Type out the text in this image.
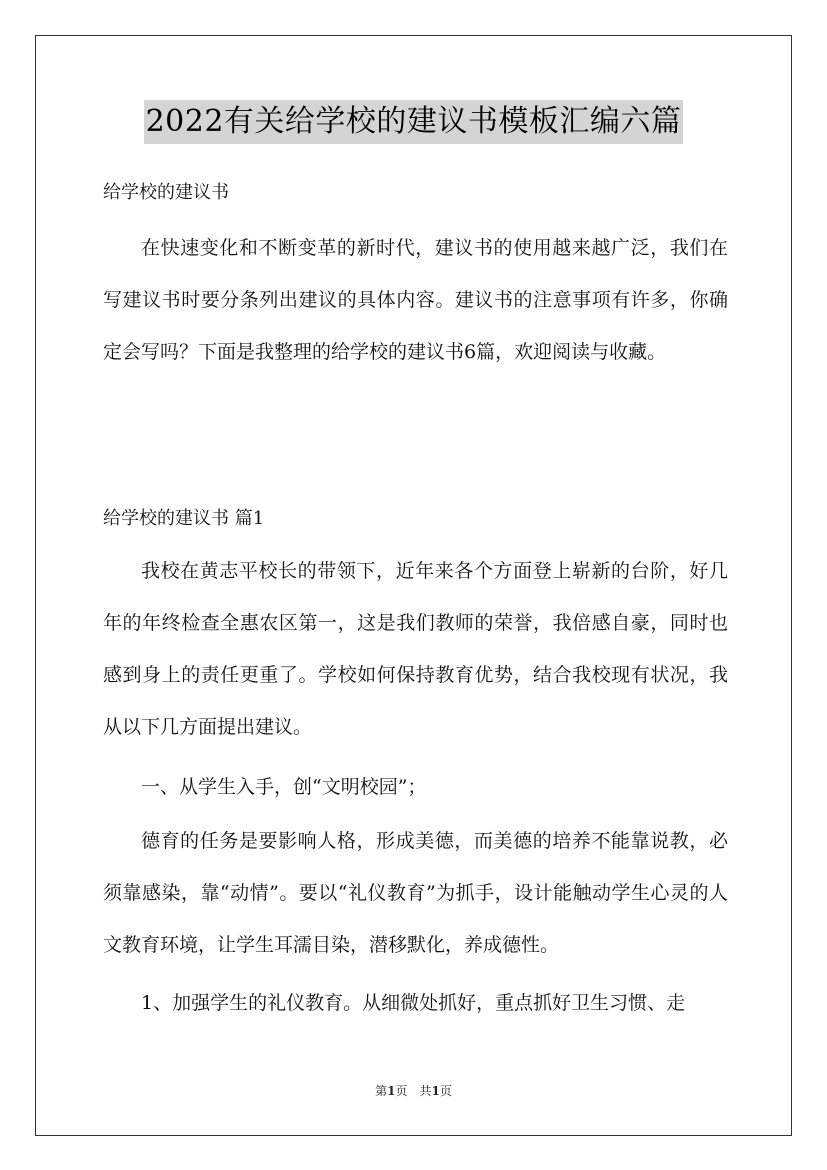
2022有关给学校的建议书模板汇编六篇
给学校的建议书
在快速变化和不断变革的新时代，建议书的使用越来越广泛，我们在写建议书时要分条列出建议的具体内容。建议书的注意事项有许多，你确定会写吗？下面是我整理的给学校的建议书6篇，欢迎阅读与收藏。
给学校的建议书 篇1
我校在黄志平校长的带领下，近年来各个方面登上崭新的台阶，好几年的年终检查全惠农区第一，这是我们教师的荣誉，我倍感自豪，同时也感到身上的责任更重了。学校如何保持教育优势，结合我校现有状况，我从以下几方面提出建议。
一、从学生入手，创“文明校园”；
德育的任务是要影响人格，形成美德，而美德的培养不能靠说教，必须靠感染，靠“动情”。要以“礼仪教育”为抓手，设计能触动学生心灵的人文教育环境，让学生耳濡目染，潜移默化，养成德性。
1、加强学生的礼仪教育。从细微处抓好，重点抓好卫生习惯、走
第1页　共1页
